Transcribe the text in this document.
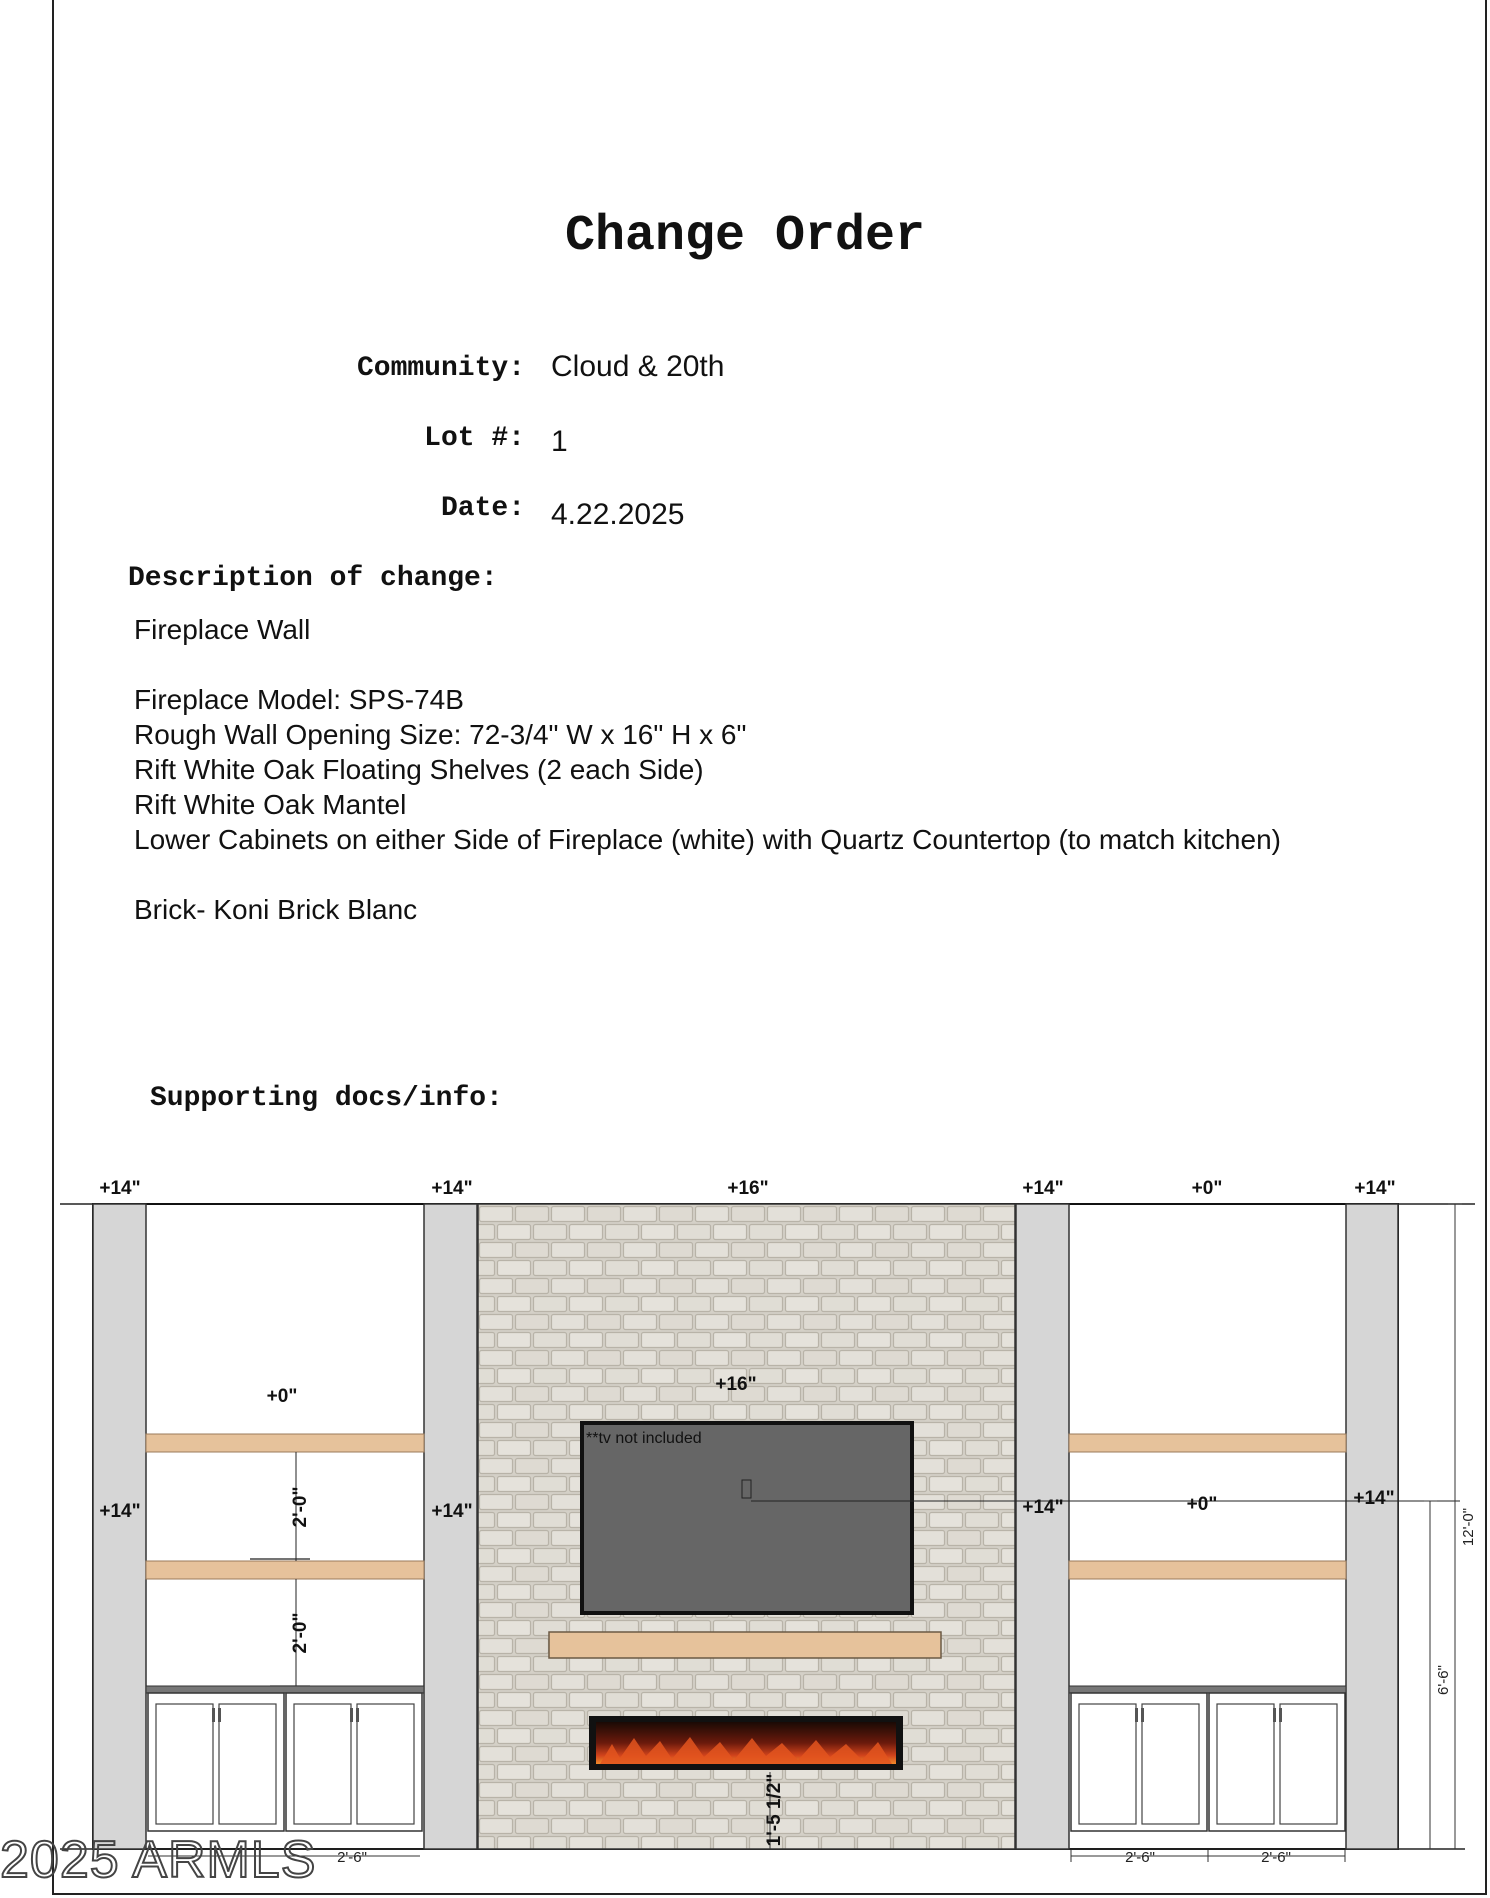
Change Order
Community: Cloud & 20th
Lot #: 1
Date: 4.22.2025
Description of change:
Fireplace Wall
Fireplace Model: SPS-74B
Rough Wall Opening Size: 72-3/4" W x 16" H x 6"
Rift White Oak Floating Shelves (2 each Side)
Rift White Oak Mantel
Lower Cabinets on either Side of Fireplace (white) with Quartz Countertop (to match kitchen)
Brick- Koni Brick Blanc
Supporting docs/info:
+14"	+14"	+16"	+14"	+0"	+14"
+0"
+14"	+14"
+16"
**tv not included
+14"	+0"	+14"
2'-0"
2'-0"
1'-5 1/2"
12'-0"
6'-6"
2'-6"	2'-6"	2'-6"
2025 ARMLS
